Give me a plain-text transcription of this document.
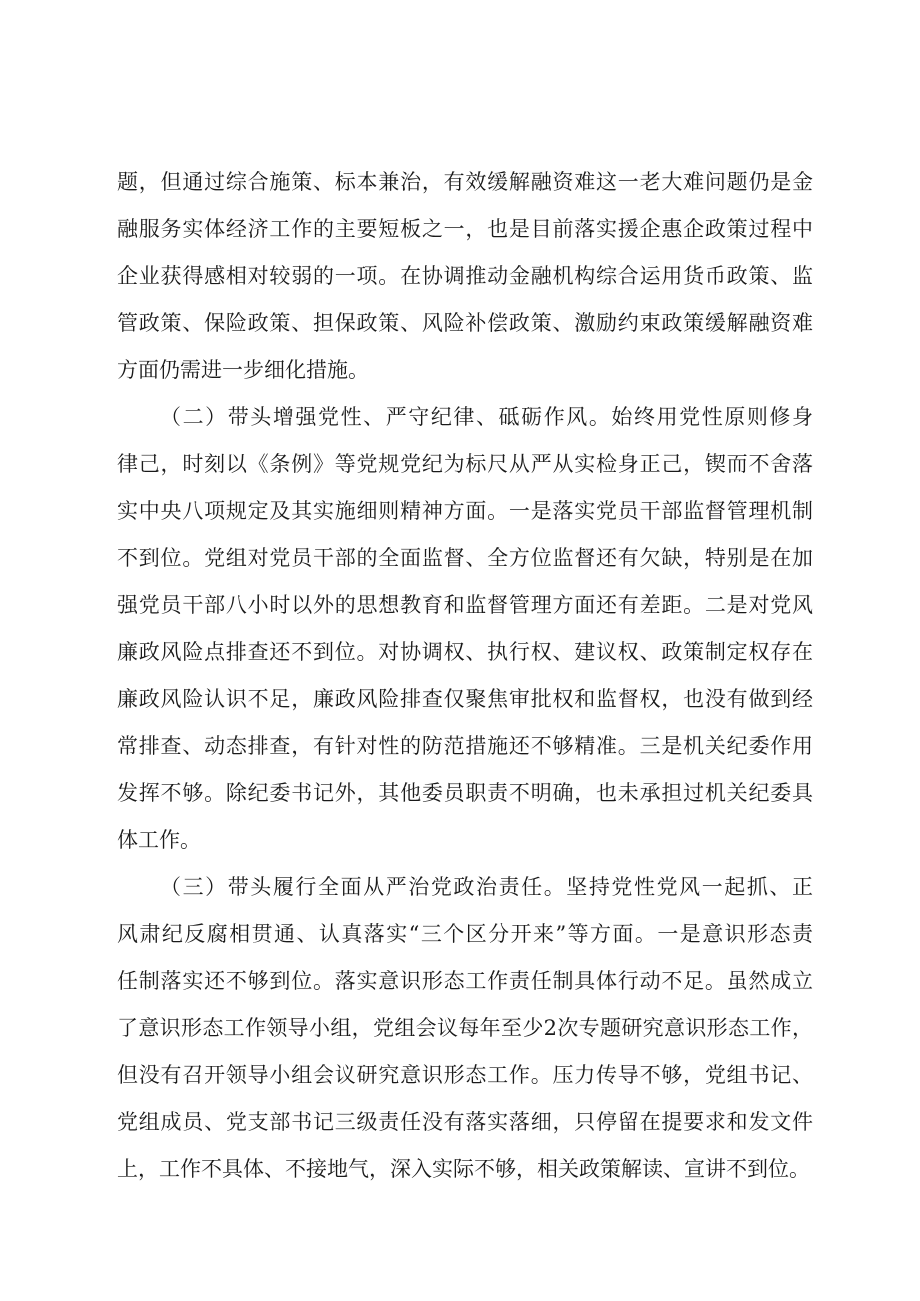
题，但通过综合施策、标本兼治，有效缓解融资难这一老大难问题仍是金
融服务实体经济工作的主要短板之一，也是目前落实援企惠企政策过程中
企业获得感相对较弱的一项。在协调推动金融机构综合运用货币政策、监
管政策、保险政策、担保政策、风险补偿政策、激励约束政策缓解融资难
方面仍需进一步细化措施。
（二）带头增强党性、严守纪律、砥砺作风。始终用党性原则修身
律己，时刻以《条例》等党规党纪为标尺从严从实检身正己，锲而不舍落
实中央八项规定及其实施细则精神方面。一是落实党员干部监督管理机制
不到位。党组对党员干部的全面监督、全方位监督还有欠缺，特别是在加
强党员干部八小时以外的思想教育和监督管理方面还有差距。二是对党风
廉政风险点排查还不到位。对协调权、执行权、建议权、政策制定权存在
廉政风险认识不足，廉政风险排查仅聚焦审批权和监督权，也没有做到经
常排查、动态排查，有针对性的防范措施还不够精准。三是机关纪委作用
发挥不够。除纪委书记外，其他委员职责不明确，也未承担过机关纪委具
体工作。
（三）带头履行全面从严治党政治责任。坚持党性党风一起抓、正
风肃纪反腐相贯通、认真落实“三个区分开来”等方面。一是意识形态责
任制落实还不够到位。落实意识形态工作责任制具体行动不足。虽然成立
了意识形态工作领导小组，党组会议每年至少2次专题研究意识形态工作，
但没有召开领导小组会议研究意识形态工作。压力传导不够，党组书记、
党组成员、党支部书记三级责任没有落实落细，只停留在提要求和发文件
上，工作不具体、不接地气，深入实际不够，相关政策解读、宣讲不到位。
